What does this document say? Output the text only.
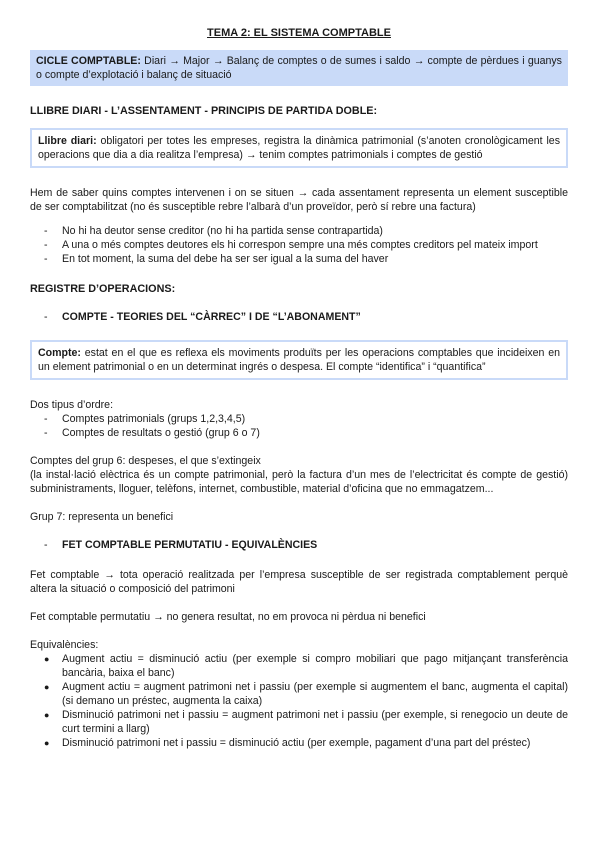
TEMA 2: EL SISTEMA COMPTABLE
CICLE COMPTABLE: Diari → Major → Balanç de comptes o de sumes i saldo → compte de pèrdues i guanys o compte d’explotació i balanç de situació
LLIBRE DIARI - L’ASSENTAMENT - PRINCIPIS DE PARTIDA DOBLE:
Llibre diari: obligatori per totes les empreses, registra la dinàmica patrimonial (s’anoten cronològicament les operacions que dia a dia realitza l’empresa) → tenim comptes patrimonials i comptes de gestió

Hem de saber quins comptes intervenen i on se situen → cada assentament representa un element susceptible de ser comptabilitzat (no és susceptible rebre l’albarà d’un proveïdor, però sí rebre una factura)

- No hi ha deutor sense creditor (no hi ha partida sense contrapartida)
- A una o més comptes deutores els hi correspon sempre una més comptes creditors pel mateix import
- En tot moment, la suma del debe ha ser ser igual a la suma del haver
REGISTRE D’OPERACIONS:
- COMPTE - TEORIES DEL “CÀRREC” I DE “L’ABONAMENT”
Compte: estat en el que es reflexa els moviments produïts per les operacions comptables que incideixen en un element patrimonial o en un determinat ingrés o despesa. El compte “identifica” i “quantifica”

Dos tipus d’ordre:

- Comptes patrimonials (grups 1,2,3,4,5)
- Comptes de resultats o gestió (grup 6 o 7)

Comptes del grup 6: despeses, el que s’extingeix

(la instal·lació elèctrica és un compte patrimonial, però la factura d’un mes de l’electricitat és compte de gestió) subministraments, lloguer, telèfons, internet, combustible, material d’oficina que no emmagatzem...

Grup 7: representa un benefici

- FET COMPTABLE PERMUTATIU - EQUIVALÈNCIES

Fet comptable → tota operació realitzada per l’empresa susceptible de ser registrada comptablement perquè altera la situació o composició del patrimoni

Fet comptable permutatiu → no genera resultat, no em provoca ni pèrdua ni benefici

Equivalències:

● Augment actiu = disminució actiu (per exemple si compro mobiliari que pago mitjançant transferència bancària, baixa el banc)
● Augment actiu = augment patrimoni net i passiu (per exemple si augmentem el banc, augmenta el capital) (si demano un préstec, augmenta la caixa)
● Disminució patrimoni net i passiu = augment patrimoni net i passiu (per exemple, si renegocio un deute de curt termini a llarg)
● Disminució patrimoni net i passiu = disminució actiu (per exemple, pagament d’una part del préstec)
